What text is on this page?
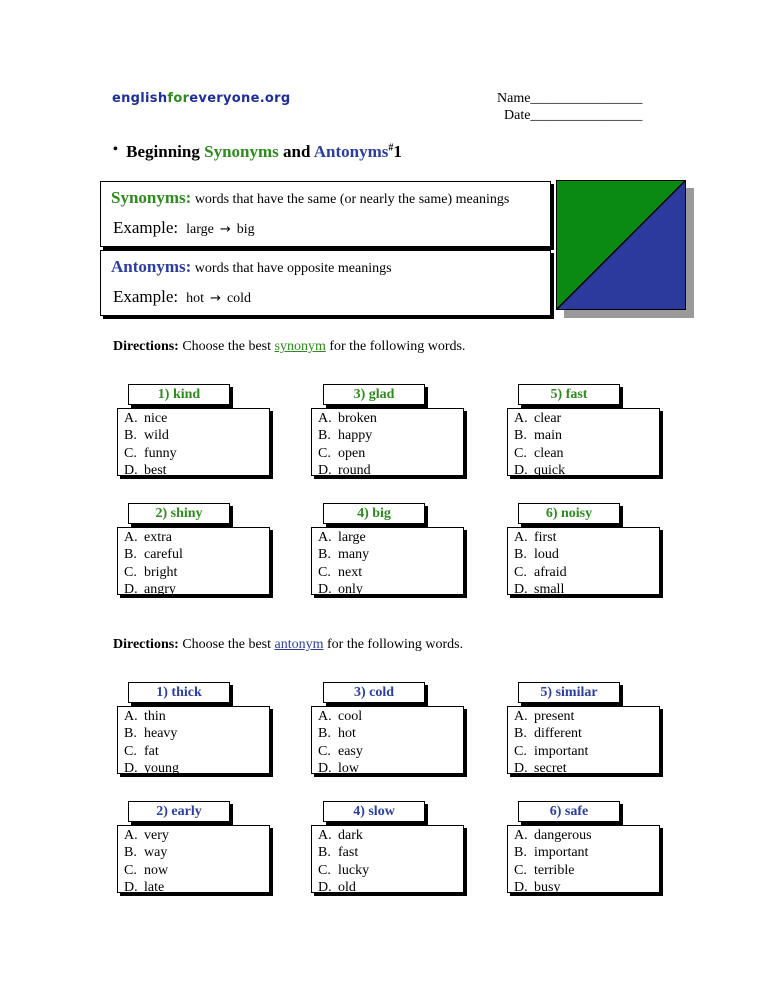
englishforeveryone.org	Name________________
Date________________
• Beginning Synonyms and Antonyms#1
Synonyms: words that have the same (or nearly the same) meanings
Example: large → big
Antonyms: words that have opposite meanings
Example: hot → cold
Directions: Choose the best synonym for the following words.
1) kind
A. nice
B. wild
C. funny
D. best
3) glad
A. broken
B. happy
C. open
D. round
5) fast
A. clear
B. main
C. clean
D. quick
2) shiny
A. extra
B. careful
C. bright
D. angry
4) big
A. large
B. many
C. next
D. only
6) noisy
A. first
B. loud
C. afraid
D. small
Directions: Choose the best antonym for the following words.
1) thick
A. thin
B. heavy
C. fat
D. young
3) cold
A. cool
B. hot
C. easy
D. low
5) similar
A. present
B. different
C. important
D. secret
2) early
A. very
B. way
C. now
D. late
4) slow
A. dark
B. fast
C. lucky
D. old
6) safe
A. dangerous
B. important
C. terrible
D. busy
